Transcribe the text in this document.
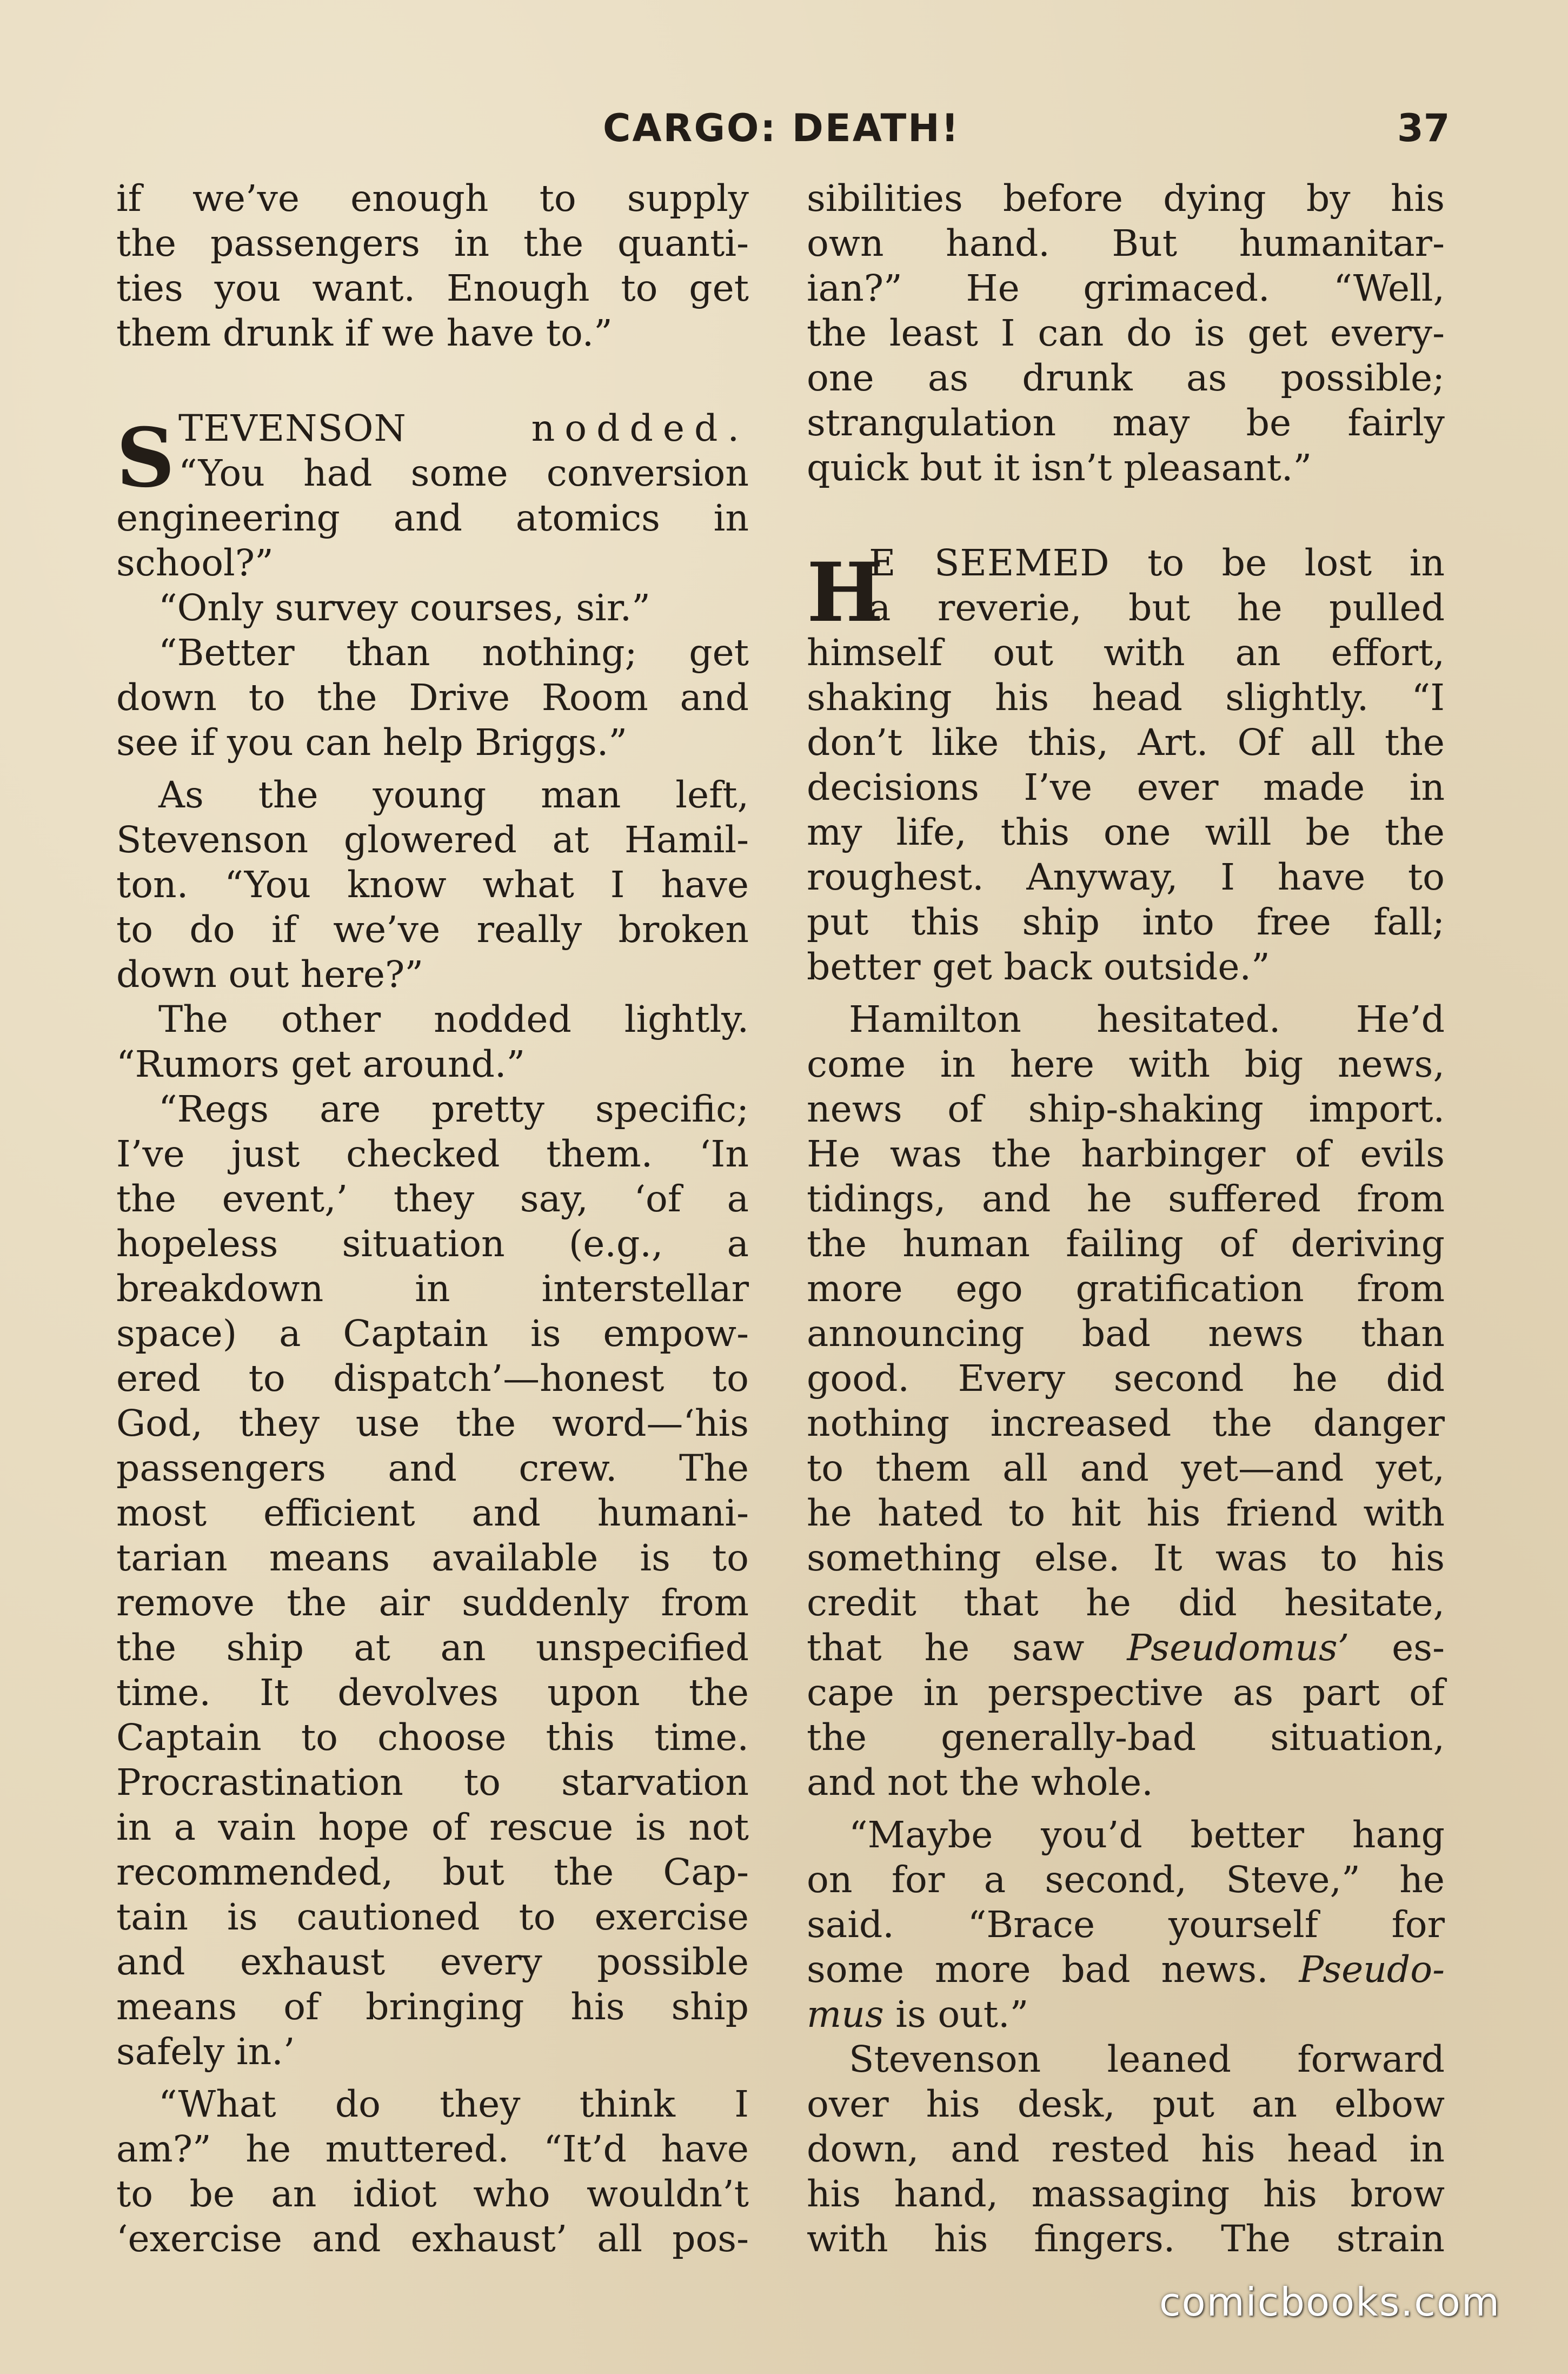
CARGO: DEATH!	37

if we’ve enough to supply
the passengers in the quanti-
ties you want. Enough to get
them drunk if we have to.”

S TEVENSON	nodded.
“You had some conversion
engineering and atomics in
school?”

“Only survey courses, sir.”

“Better than nothing; get
down to the Drive Room and
see if you can help Briggs.”

As the young man left,
Stevenson glowered at Hamil-
ton. “You know what I have
to do if we’ve really broken
down out here?”

The other nodded lightly.
“Rumors get around.”

“Regs are pretty specific;
I’ve just checked them. ‘In
the event,’ they say, ‘of a
hopeless situation (e.g., a
breakdown in interstellar
space) a Captain is empow-
ered to dispatch’—honest to
God, they use the word—‘his
passengers and crew. The
most efficient and humani-
tarian means available is to
remove the air suddenly from
the ship at an unspecified
time. It devolves upon the
Captain to choose this time.
Procrastination to starvation
in a vain hope of rescue is not
recommended, but the Cap-
tain is cautioned to exercise
and exhaust every possible
means of bringing his ship
safely in.’

“What do they think I
am?” he muttered. “It’d have
to be an idiot who wouldn’t
‘exercise and exhaust’ all pos-

sibilities before dying by his
own hand. But humanitar-
ian?” He grimaced. “Well,
the least I can do is get every-
one as drunk as possible;
strangulation may be fairly
quick but it isn’t pleasant.”

H

E SEEMED to be lost in
a reverie, but he pulled
himself out with an effort,
shaking his head slightly. “I
don’t like this, Art. Of all the
decisions I’ve ever made in
my life, this one will be the
roughest. Anyway, I have to
put this ship into free fall;
better get back outside.”

Hamilton hesitated. He’d
come in here with big news,
news of ship-shaking import.
He was the harbinger of evils
tidings, and he suffered from
the human failing of deriving
more ego gratification from
announcing bad news than
good. Every second he did
nothing increased the danger
to them all and yet—and yet,
he hated to hit his friend with
something else. It was to his
credit that he did hesitate,
that he saw Pseudomus’ es-
cape in perspective as part of
the generally-bad situation,
and not the whole.

“Maybe you’d better hang
on for a second, Steve,” he
said. “Brace yourself for
some more bad news. Pseudo-
mus is out.”

Stevenson leaned forward
over his desk, put an elbow
down, and rested his head in
his hand, massaging his brow
with his fingers. The strain

comicbooks.com
